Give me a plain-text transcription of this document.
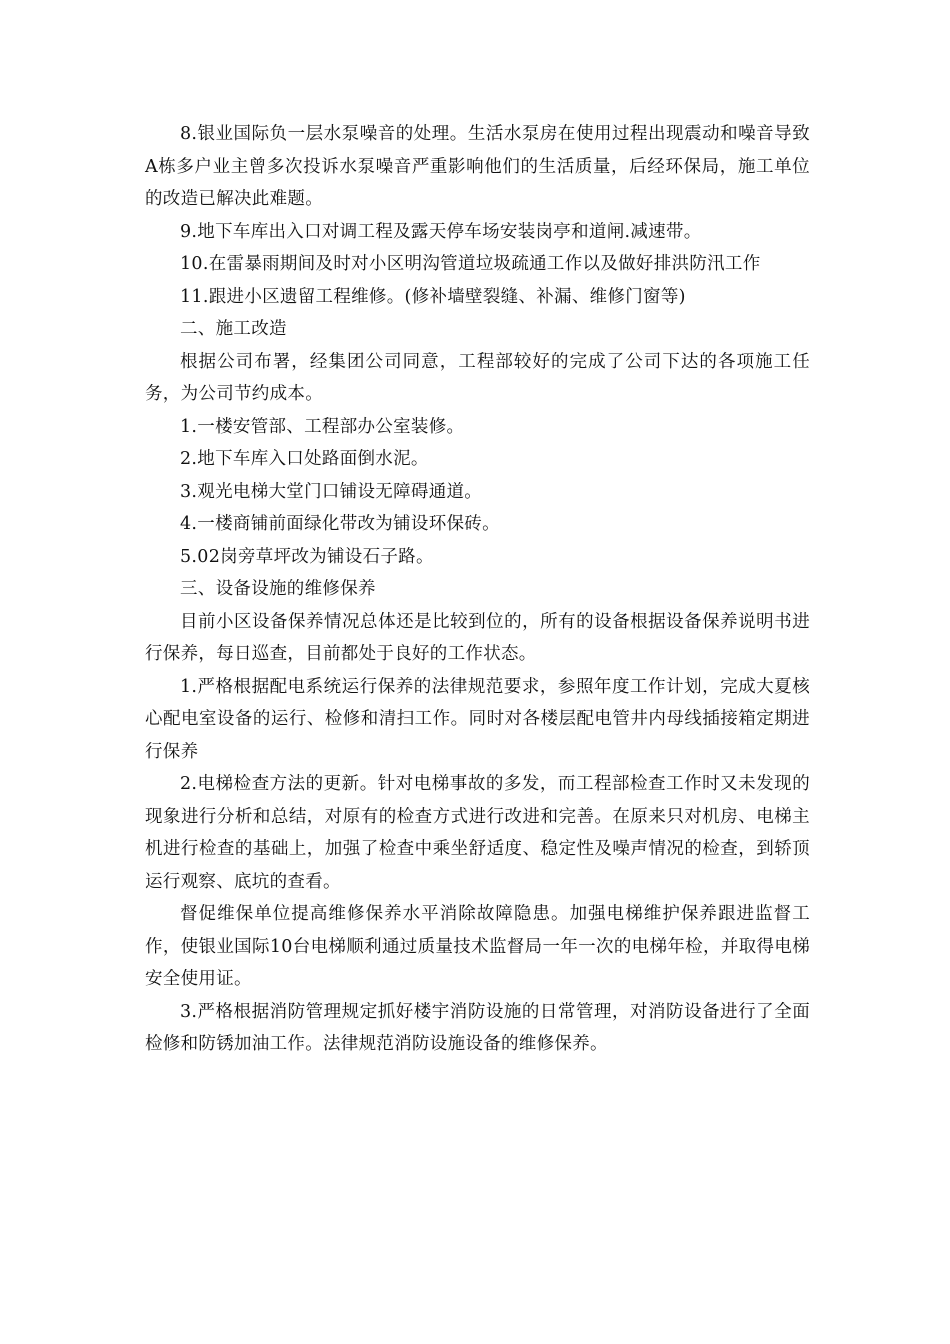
8.银业国际负一层水泵噪音的处理。生活水泵房在使用过程出现震动和噪音导致A栋多户业主曾多次投诉水泵噪音严重影响他们的生活质量，后经环保局，施工单位的改造已解决此难题。

9.地下车库出入口对调工程及露天停车场安装岗亭和道闸.减速带。

10.在雷暴雨期间及时对小区明沟管道垃圾疏通工作以及做好排洪防汛工作

11.跟进小区遗留工程维修。(修补墙壁裂缝、补漏、维修门窗等)

二、施工改造

根据公司布署，经集团公司同意，工程部较好的完成了公司下达的各项施工任务，为公司节约成本。

1.一楼安管部、工程部办公室装修。

2.地下车库入口处路面倒水泥。

3.观光电梯大堂门口铺设无障碍通道。

4.一楼商铺前面绿化带改为铺设环保砖。

5.02岗旁草坪改为铺设石子路。

三、设备设施的维修保养

目前小区设备保养情况总体还是比较到位的，所有的设备根据设备保养说明书进行保养，每日巡查，目前都处于良好的工作状态。

1.严格根据配电系统运行保养的法律规范要求，参照年度工作计划，完成大夏核心配电室设备的运行、检修和清扫工作。同时对各楼层配电管井内母线插接箱定期进行保养

2.电梯检查方法的更新。针对电梯事故的多发，而工程部检查工作时又未发现的现象进行分析和总结，对原有的检查方式进行改进和完善。在原来只对机房、电梯主机进行检查的基础上，加强了检查中乘坐舒适度、稳定性及噪声情况的检查，到轿顶运行观察、底坑的查看。

督促维保单位提高维修保养水平消除故障隐患。加强电梯维护保养跟进监督工作，使银业国际10台电梯顺利通过质量技术监督局一年一次的电梯年检，并取得电梯安全使用证。

3.严格根据消防管理规定抓好楼宇消防设施的日常管理，对消防设备进行了全面检修和防锈加油工作。法律规范消防设施设备的维修保养。
